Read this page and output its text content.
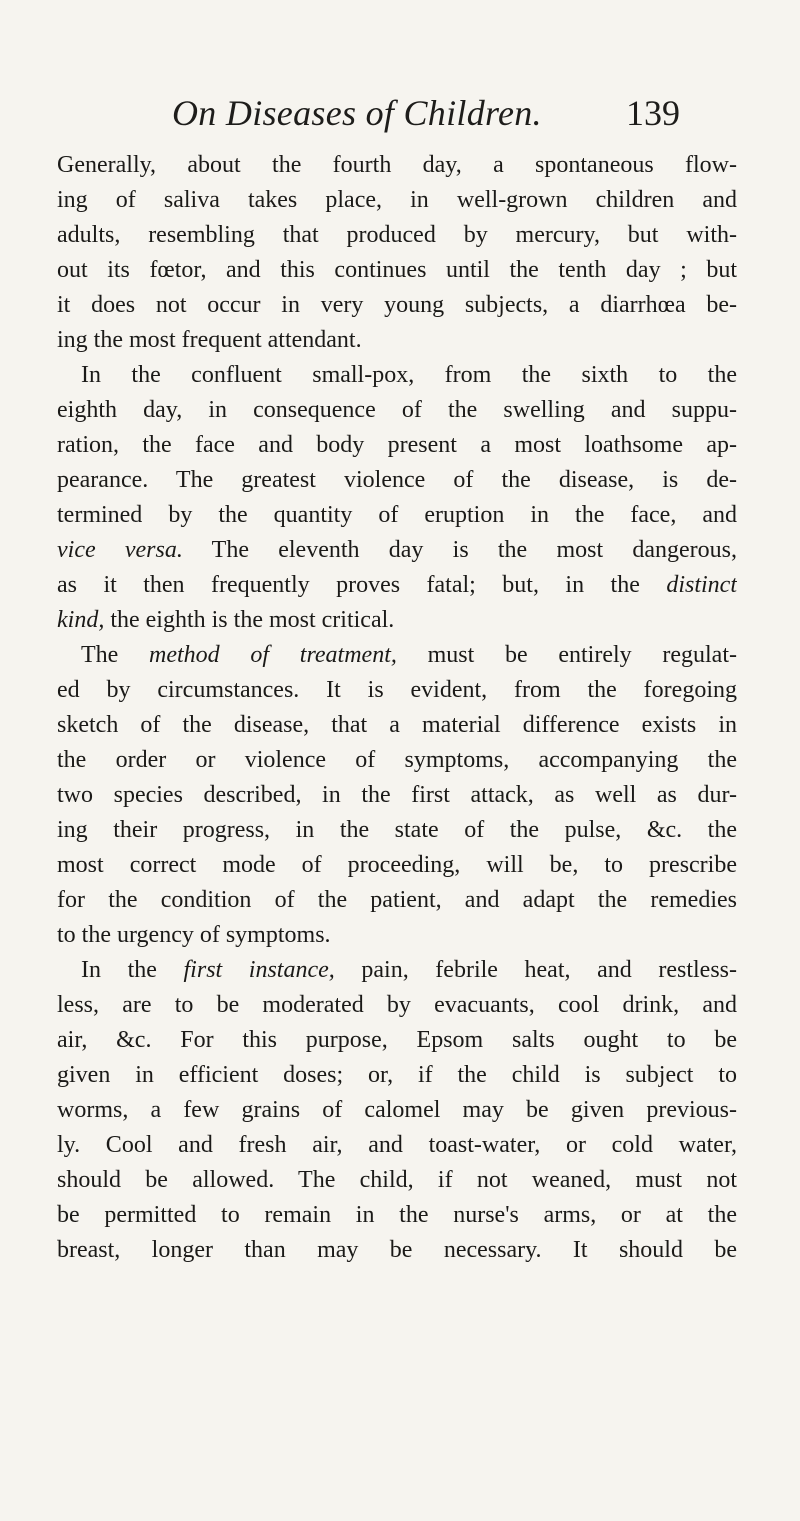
On Diseases of Children. 139
Generally, about the fourth day, a spontaneous flow-
ing of saliva takes place, in well-grown children and
adults, resembling that produced by mercury, but with-
out its fœtor, and this continues until the tenth day ; but
it does not occur in very young subjects, a diarrhœa be-
ing the most frequent attendant.
In the confluent small-pox, from the sixth to the
eighth day, in consequence of the swelling and suppu-
ration, the face and body present a most loathsome ap-
pearance. The greatest violence of the disease, is de-
termined by the quantity of eruption in the face, and
vice versa. The eleventh day is the most dangerous,
as it then frequently proves fatal; but, in the distinct
kind, the eighth is the most critical.
The method of treatment, must be entirely regulat-
ed by circumstances. It is evident, from the foregoing
sketch of the disease, that a material difference exists in
the order or violence of symptoms, accompanying the
two species described, in the first attack, as well as dur-
ing their progress, in the state of the pulse, &c. the
most correct mode of proceeding, will be, to prescribe
for the condition of the patient, and adapt the remedies
to the urgency of symptoms.
In the first instance, pain, febrile heat, and restless-
less, are to be moderated by evacuants, cool drink, and
air, &c. For this purpose, Epsom salts ought to be
given in efficient doses; or, if the child is subject to
worms, a few grains of calomel may be given previous-
ly. Cool and fresh air, and toast-water, or cold water,
should be allowed. The child, if not weaned, must not
be permitted to remain in the nurse's arms, or at the
breast, longer than may be necessary. It should be
